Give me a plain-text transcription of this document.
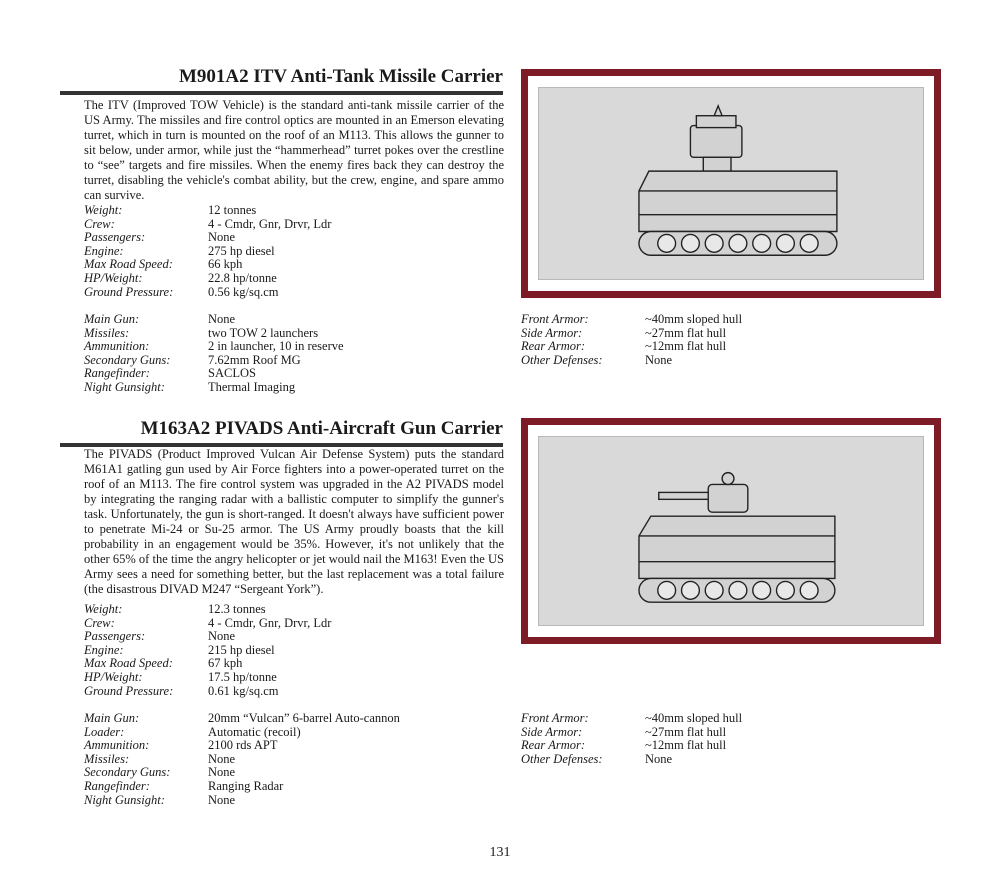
M901A2 ITV Anti-Tank Missile Carrier

The ITV (Improved TOW Vehicle) is the standard anti-tank missile carrier of the US Army. The missiles and fire control optics are mounted in an Emerson elevating turret, which in turn is mounted on the roof of an M113. This allows the gunner to sit below, under armor, while just the “hammerhead” turret pokes over the crestline to “see” targets and fire missiles. When the enemy fires back they can destroy the turret, disabling the vehicle's combat ability, but the crew, engine, and spare ammo can survive.

Weight:	12 tonnes
Crew:	4 - Cmdr, Gnr, Drvr, Ldr
Passengers:	None
Engine:	275 hp diesel
Max Road Speed:	66 kph
HP/Weight:	22.8 hp/tonne
Ground Pressure:	0.56 kg/sq.cm
Main Gun:	None
Missiles:	two TOW 2 launchers
Ammunition:	2 in launcher, 10 in reserve
Secondary Guns:	7.62mm Roof MG
Rangefinder:	SACLOS
Night Gunsight:	Thermal Imaging
Front Armor:	~40mm sloped hull
Side Armor:	~27mm flat hull
Rear Armor:	~12mm flat hull
Other Defenses:	None
M163A2 PIVADS Anti-Aircraft Gun Carrier

The PIVADS (Product Improved Vulcan Air Defense System) puts the standard M61A1 gatling gun used by Air Force fighters into a power-operated turret on the roof of an M113. The fire control system was upgraded in the A2 PIVADS model by integrating the ranging radar with a ballistic computer to simplify the gunner's task. Unfortunately, the gun is short-ranged. It doesn't always have sufficient power to penetrate Mi-24 or Su-25 armor. The US Army proudly boasts that the kill probability in an engagement would be 35%. However, it's not unlikely that the other 65% of the time the angry helicopter or jet would nail the M163! Even the US Army sees a need for something better, but the last replacement was a total failure (the disastrous DIVAD M247 “Sergeant York”).

Weight:	12.3 tonnes
Crew:	4 - Cmdr, Gnr, Drvr, Ldr
Passengers:	None
Engine:	215 hp diesel
Max Road Speed:	67 kph
HP/Weight:	17.5 hp/tonne
Ground Pressure:	0.61 kg/sq.cm
Main Gun:	20mm “Vulcan” 6-barrel Auto-cannon
Loader:	Automatic (recoil)
Ammunition:	2100 rds APT
Missiles:	None
Secondary Guns:	None
Rangefinder:	Ranging Radar
Night Gunsight:	None
Front Armor:	~40mm sloped hull
Side Armor:	~27mm flat hull
Rear Armor:	~12mm flat hull
Other Defenses:	None
131
